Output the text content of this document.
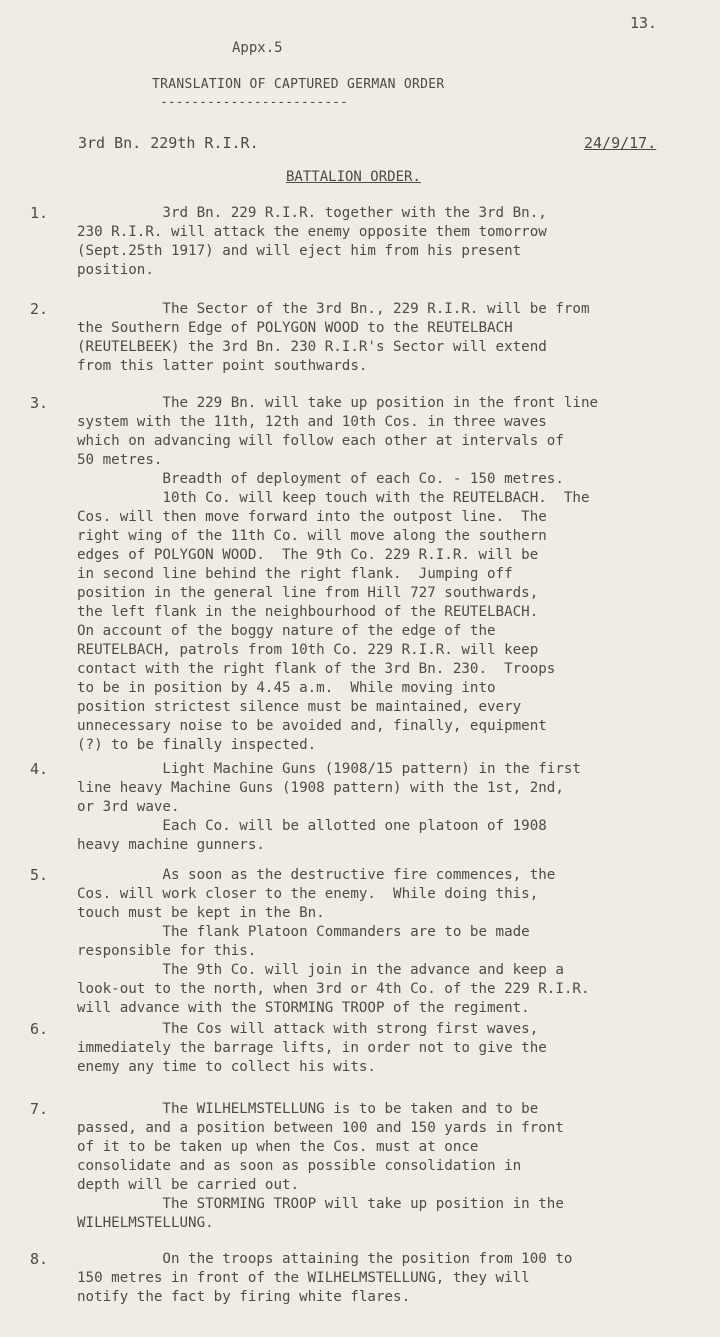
13.
Appx.5
TRANSLATION OF CAPTURED GERMAN ORDER
------------------------
3rd Bn. 229th R.I.R.	24/9/17.
BATTALION ORDER.
1.	3rd Bn. 229 R.I.R. together with the 3rd Bn.,
230 R.I.R. will attack the enemy opposite them tomorrow
(Sept.25th 1917) and will eject him from his present
position.
2.	The Sector of the 3rd Bn., 229 R.I.R. will be from
the Southern Edge of POLYGON WOOD to the REUTELBACH
(REUTELBEEK) the 3rd Bn. 230 R.I.R's Sector will extend
from this latter point southwards.
3.	The 229 Bn. will take up position in the front line
system with the 11th, 12th and 10th Cos. in three waves
which on advancing will follow each other at intervals of
50 metres.
Breadth of deployment of each Co. - 150 metres.
10th Co. will keep touch with the REUTELBACH.  The
Cos. will then move forward into the outpost line.  The
right wing of the 11th Co. will move along the southern
edges of POLYGON WOOD.  The 9th Co. 229 R.I.R. will be
in second line behind the right flank.  Jumping off
position in the general line from Hill 727 southwards,
the left flank in the neighbourhood of the REUTELBACH.
On account of the boggy nature of the edge of the
REUTELBACH, patrols from 10th Co. 229 R.I.R. will keep
contact with the right flank of the 3rd Bn. 230.  Troops
to be in position by 4.45 a.m.  While moving into
position strictest silence must be maintained, every
unnecessary noise to be avoided and, finally, equipment
(?) to be finally inspected.
4.	Light Machine Guns (1908/15 pattern) in the first
line heavy Machine Guns (1908 pattern) with the 1st, 2nd,
or 3rd wave.
Each Co. will be allotted one platoon of 1908
heavy machine gunners.
5.	As soon as the destructive fire commences, the
Cos. will work closer to the enemy.  While doing this,
touch must be kept in the Bn.
The flank Platoon Commanders are to be made
responsible for this.
The 9th Co. will join in the advance and keep a
look-out to the north, when 3rd or 4th Co. of the 229 R.I.R.
will advance with the STORMING TROOP of the regiment.
6.	The Cos will attack with strong first waves,
immediately the barrage lifts, in order not to give the
enemy any time to collect his wits.
7.	The WILHELMSTELLUNG is to be taken and to be
passed, and a position between 100 and 150 yards in front
of it to be taken up when the Cos. must at once
consolidate and as soon as possible consolidation in
depth will be carried out.
The STORMING TROOP will take up position in the
WILHELMSTELLUNG.
8.	On the troops attaining the position from 100 to
150 metres in front of the WILHELMSTELLUNG, they will
notify the fact by firing white flares.
